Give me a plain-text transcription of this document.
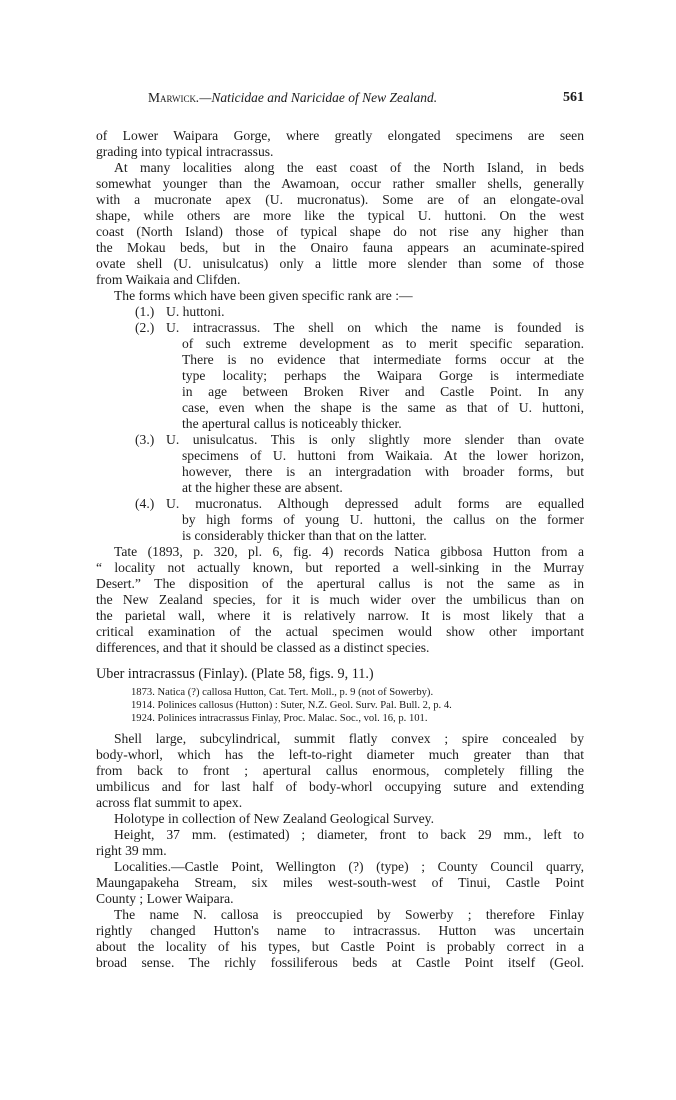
Marwick.—Naticidae and Naricidae of New Zealand.	561
of Lower Waipara Gorge, where greatly elongated specimens are seen
grading into typical intracrassus.
At many localities along the east coast of the North Island, in beds
somewhat younger than the Awamoan, occur rather smaller shells, generally
with a mucronate apex (U. mucronatus). Some are of an elongate-oval
shape, while others are more like the typical U. huttoni. On the west
coast (North Island) those of typical shape do not rise any higher than
the Mokau beds, but in the Onairo fauna appears an acuminate-spired
ovate shell (U. unisulcatus) only a little more slender than some of those
from Waikaia and Clifden.
The forms which have been given specific rank are :—
(1.) U. huttoni.
(2.) U. intracrassus. The shell on which the name is founded is
of such extreme development as to merit specific separation.
There is no evidence that intermediate forms occur at the
type locality; perhaps the Waipara Gorge is intermediate
in age between Broken River and Castle Point. In any
case, even when the shape is the same as that of U. huttoni,
the apertural callus is noticeably thicker.
(3.) U. unisulcatus. This is only slightly more slender than ovate
specimens of U. huttoni from Waikaia. At the lower horizon,
however, there is an intergradation with broader forms, but
at the higher these are absent.
(4.) U. mucronatus. Although depressed adult forms are equalled
by high forms of young U. huttoni, the callus on the former
is considerably thicker than that on the latter.
Tate (1893, p. 320, pl. 6, fig. 4) records Natica gibbosa Hutton from a
“ locality not actually known, but reported a well-sinking in the Murray
Desert.” The disposition of the apertural callus is not the same as in
the New Zealand species, for it is much wider over the umbilicus than on
the parietal wall, where it is relatively narrow. It is most likely that a
critical examination of the actual specimen would show other important
differences, and that it should be classed as a distinct species.
Uber intracrassus (Finlay). (Plate 58, figs. 9, 11.)
1873. Natica (?) callosa Hutton, Cat. Tert. Moll., p. 9 (not of Sowerby).
1914. Polinices callosus (Hutton) : Suter, N.Z. Geol. Surv. Pal. Bull. 2, p. 4.
1924. Polinices intracrassus Finlay, Proc. Malac. Soc., vol. 16, p. 101.
Shell large, subcylindrical, summit flatly convex ; spire concealed by
body-whorl, which has the left-to-right diameter much greater than that
from back to front ; apertural callus enormous, completely filling the
umbilicus and for last half of body-whorl occupying suture and extending
across flat summit to apex.
Holotype in collection of New Zealand Geological Survey.
Height, 37 mm. (estimated) ; diameter, front to back 29 mm., left to
right 39 mm.
Localities.—Castle Point, Wellington (?) (type) ; County Council quarry,
Maungapakeha Stream, six miles west-south-west of Tinui, Castle Point
County ; Lower Waipara.
The name N. callosa is preoccupied by Sowerby ; therefore Finlay
rightly changed Hutton's name to intracrassus. Hutton was uncertain
about the locality of his types, but Castle Point is probably correct in a
broad sense. The richly fossiliferous beds at Castle Point itself (Geol.
